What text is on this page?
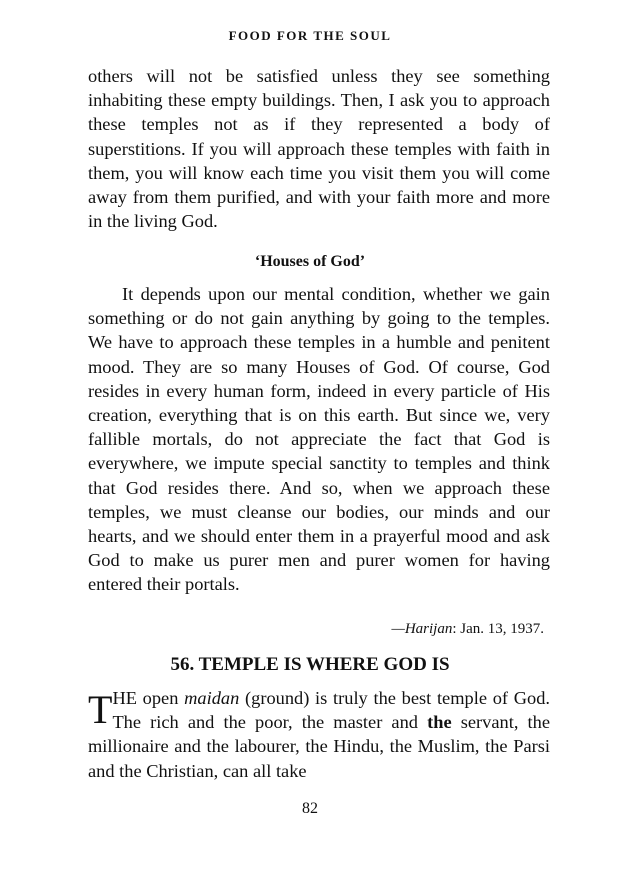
FOOD FOR THE SOUL
others will not be satisfied unless they see something inhabiting these empty buildings. Then, I ask you to approach these temples not as if they represented a body of superstitions. If you will approach these temples with faith in them, you will know each time you visit them you will come away from them purified, and with your faith more and more in the living God.
‘Houses of God’
It depends upon our mental condition, whether we gain something or do not gain anything by going to the temples. We have to approach these temples in a humble and penitent mood. They are so many Houses of God. Of course, God resides in every human form, indeed in every particle of His creation, everything that is on this earth. But since we, very fallible mortals, do not appreciate the fact that God is everywhere, we impute special sanctity to temples and think that God resides there. And so, when we approach these temples, we must cleanse our bodies, our minds and our hearts, and we should enter them in a prayerful mood and ask God to make us purer men and purer women for having entered their portals.
—Harijan: Jan. 13, 1937.
56. TEMPLE IS WHERE GOD IS
THE open maidan (ground) is truly the best temple of God. The rich and the poor, the master and the servant, the millionaire and the labourer, the Hindu, the Muslim, the Parsi and the Christian, can all take
82
